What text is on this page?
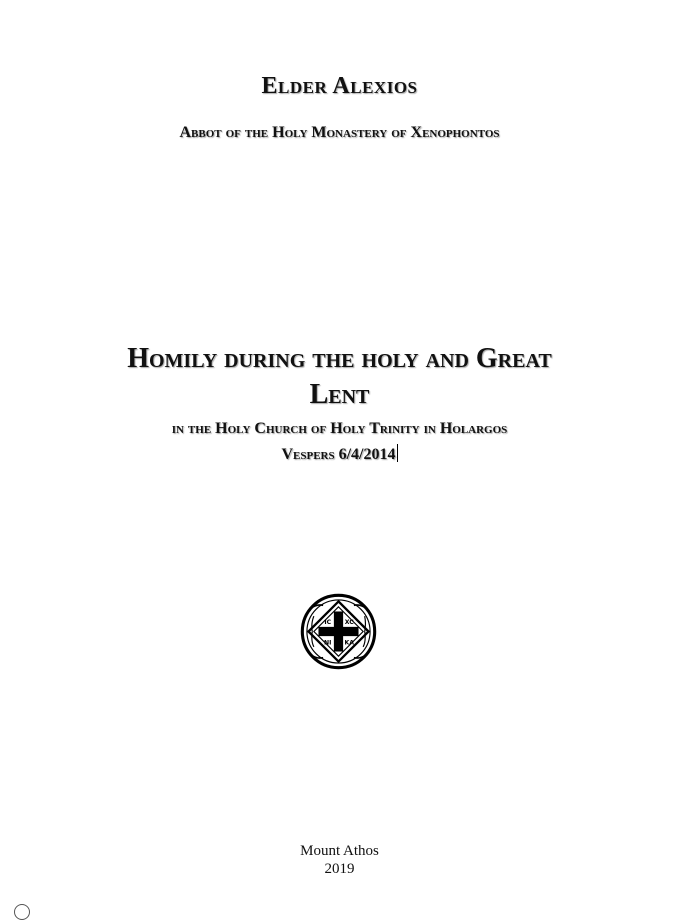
Elder Alexios
Abbot of the Holy Monastery of Xenophontos
Homily during the holy and Great
Lent
in the Holy Church of Holy Trinity in Holargos
Vespers 6/4/2014
IC XC
NI KA
Mount Athos
2019
